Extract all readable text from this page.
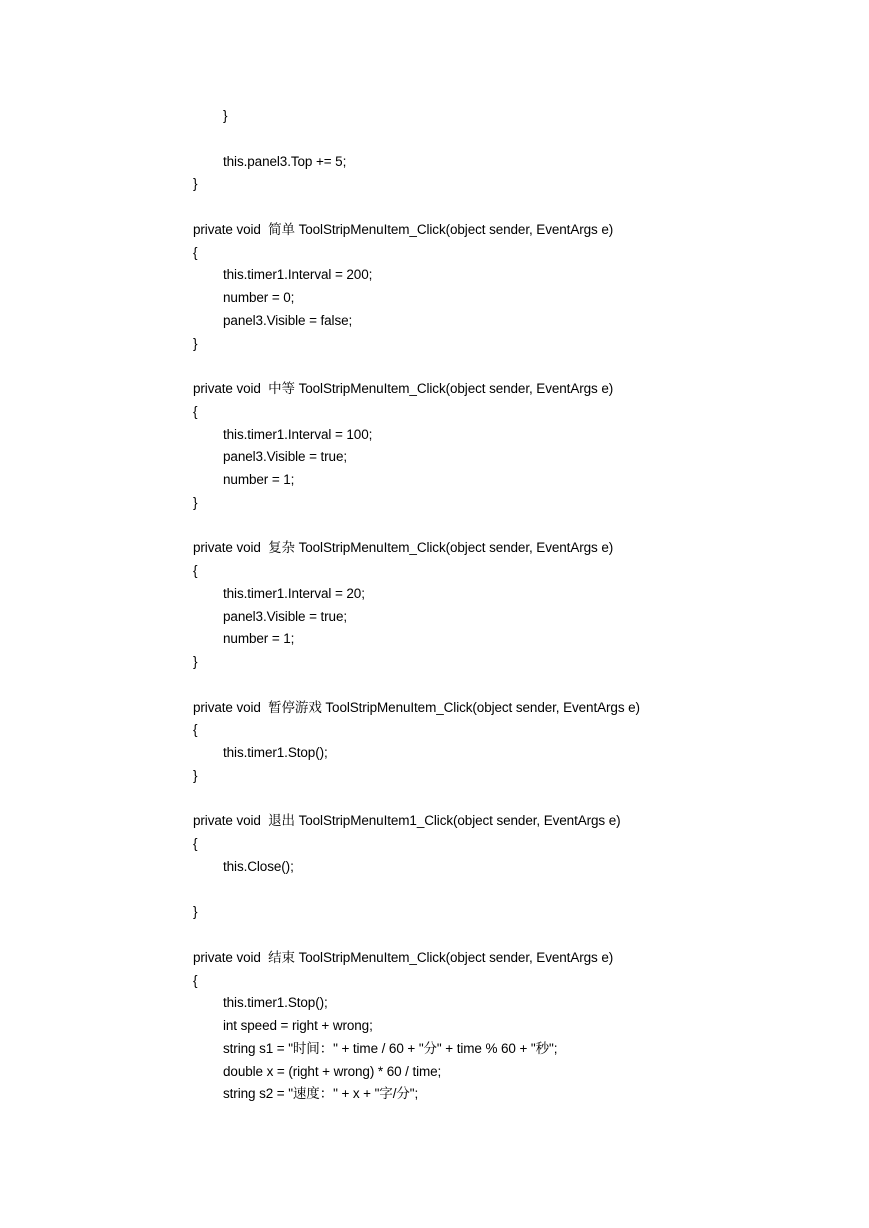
}
this.panel3.Top += 5;
}
private void  简单 ToolStripMenuItem_Click(object sender, EventArgs e)
{
this.timer1.Interval = 200;
number = 0;
panel3.Visible = false;
}
private void  中等 ToolStripMenuItem_Click(object sender, EventArgs e)
{
this.timer1.Interval = 100;
panel3.Visible = true;
number = 1;
}
private void  复杂 ToolStripMenuItem_Click(object sender, EventArgs e)
{
this.timer1.Interval = 20;
panel3.Visible = true;
number = 1;
}
private void  暂停游戏 ToolStripMenuItem_Click(object sender, EventArgs e)
{
this.timer1.Stop();
}
private void  退出 ToolStripMenuItem1_Click(object sender, EventArgs e)
{
this.Close();
}
private void  结束 ToolStripMenuItem_Click(object sender, EventArgs e)
{
this.timer1.Stop();
int speed = right + wrong;
string s1 = "时间：" + time / 60 + "分" + time % 60 + "秒";
double x = (right + wrong) * 60 / time;
string s2 = "速度：" + x + "字/分";
